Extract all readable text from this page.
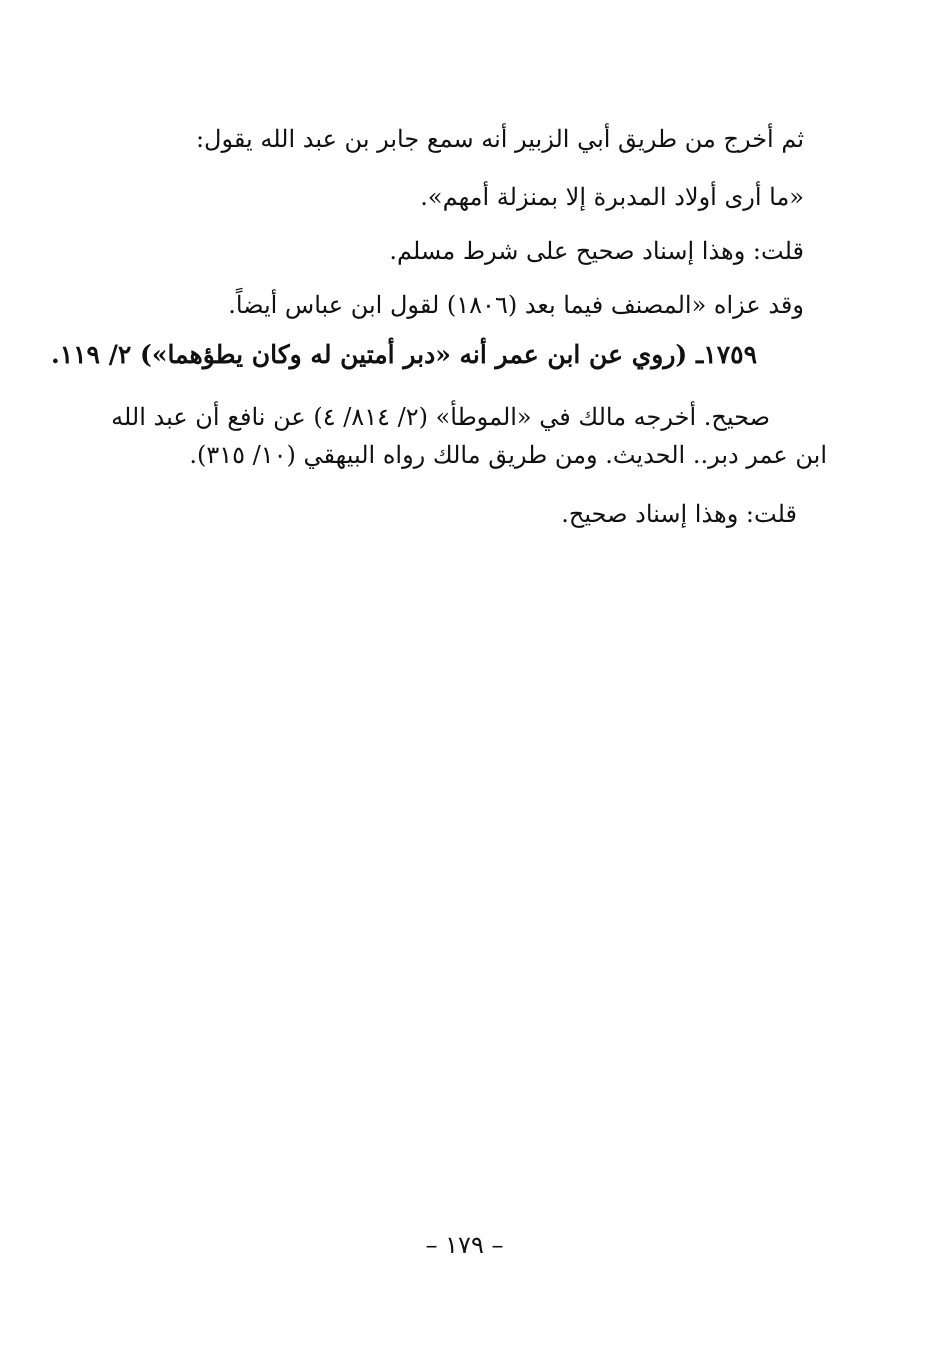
ثم أخرج من طريق أبي الزبير أنه سمع جابر بن عبد الله يقول:
«ما أرى أولاد المدبرة إلا بمنزلة أمهم».
قلت: وهذا إسناد صحيح على شرط مسلم.
وقد عزاه «المصنف فيما بعد (١٨٠٦) لقول ابن عباس أيضاً.
١٧٥٩ـ (روي عن ابن عمر أنه «دبر أمتين له وكان يطؤهما») ٢/ ١١٩.
صحيح. أخرجه مالك في «الموطأ» (٢/ ٨١٤/ ٤) عن نافع أن عبد الله
ابن عمر دبر.. الحديث. ومن طريق مالك رواه البيهقي (١٠/ ٣١٥).
قلت: وهذا إسناد صحيح.
– ١٧٩ –
